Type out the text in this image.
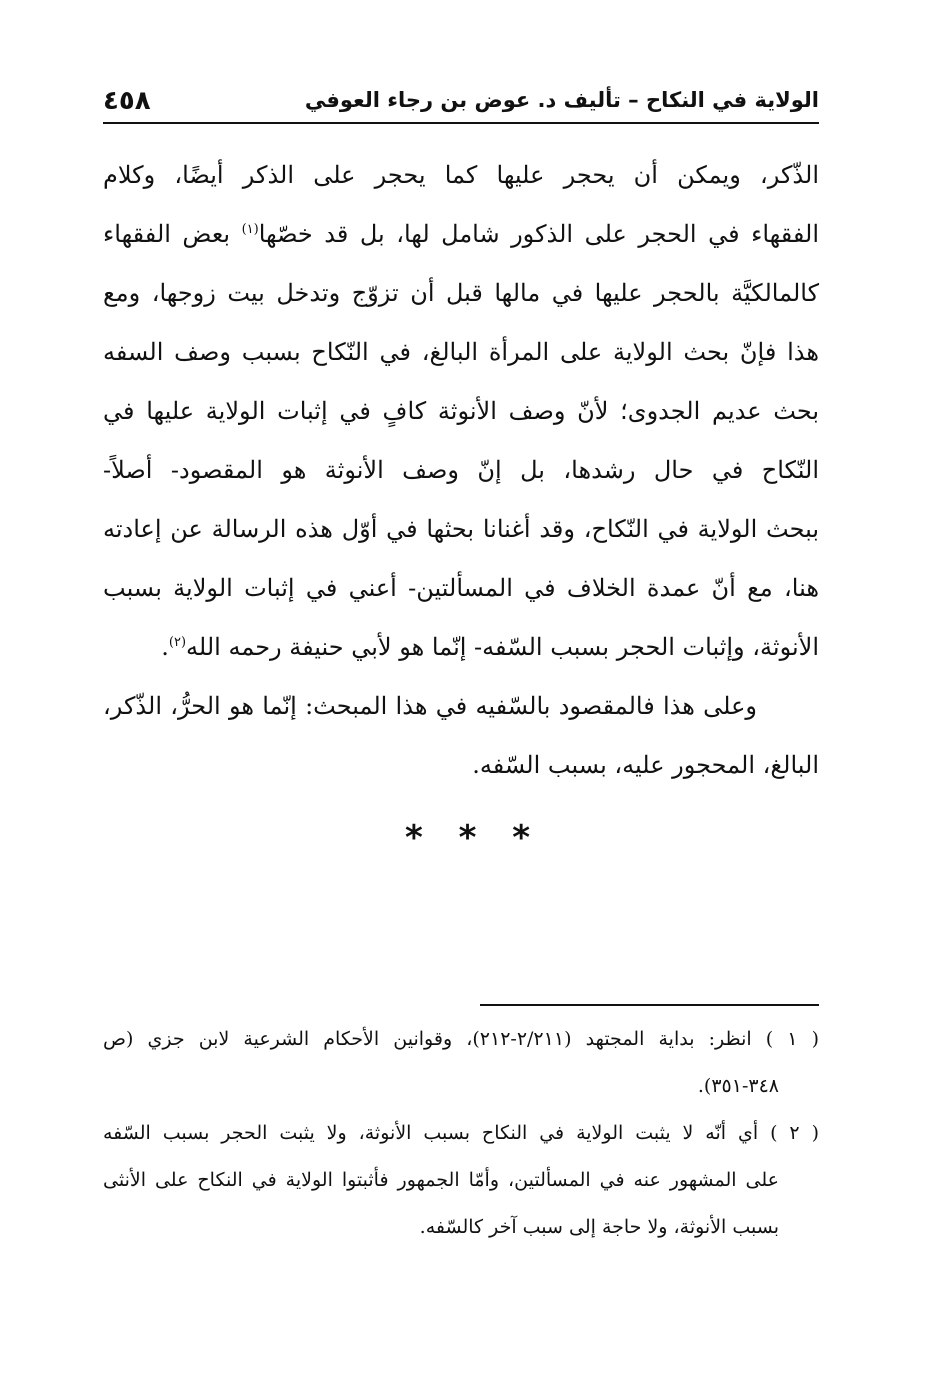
الولاية في النكاح – تأليف د. عوض بن رجاء العوفي
٤٥٨
الذّكر، ويمكن أن يحجر عليها كما يحجر على الذكر أيضًا، وكلام
الفقهاء في الحجر على الذكور شامل لها، بل قد خصّها$^{(١)}$ بعض الفقهاء
كالمالكيَّة بالحجر عليها في مالها قبل أن تزوّج وتدخل بيت زوجها، ومع
هذا فإنّ بحث الولاية على المرأة البالغ، في النّكاح بسبب وصف السفه
بحث عديم الجدوى؛ لأنّ وصف الأنوثة كافٍ في إثبات الولاية عليها في
النّكاح في حال رشدها، بل إنّ وصف الأنوثة هو المقصود- أصلاً-
ببحث الولاية في النّكاح، وقد أغنانا بحثها في أوّل هذه الرسالة عن إعادته
هنا، مع أنّ عمدة الخلاف في المسألتين- أعني في إثبات الولاية بسبب
الأنوثة، وإثبات الحجر بسبب السّفه- إنّما هو لأبي حنيفة رحمه الله$^{(٢)}$.
وعلى هذا فالمقصود بالسّفيه في هذا المبحث: إنّما هو الحرُّ، الذّكر،
البالغ، المحجور عليه، بسبب السّفه.
* * *
( ١ ) انظر: بداية المجتهد (٢/٢١١-٢١٢)، وقوانين الأحكام الشرعية لابن جزي (ص
٣٤٨-٣٥١).
( ٢ ) أي أنّه لا يثبت الولاية في النكاح بسبب الأنوثة، ولا يثبت الحجر بسبب السّفه
على المشهور عنه في المسألتين، وأمّا الجمهور فأثبتوا الولاية في النكاح على الأنثى
بسبب الأنوثة، ولا حاجة إلى سبب آخر كالسّفه.
